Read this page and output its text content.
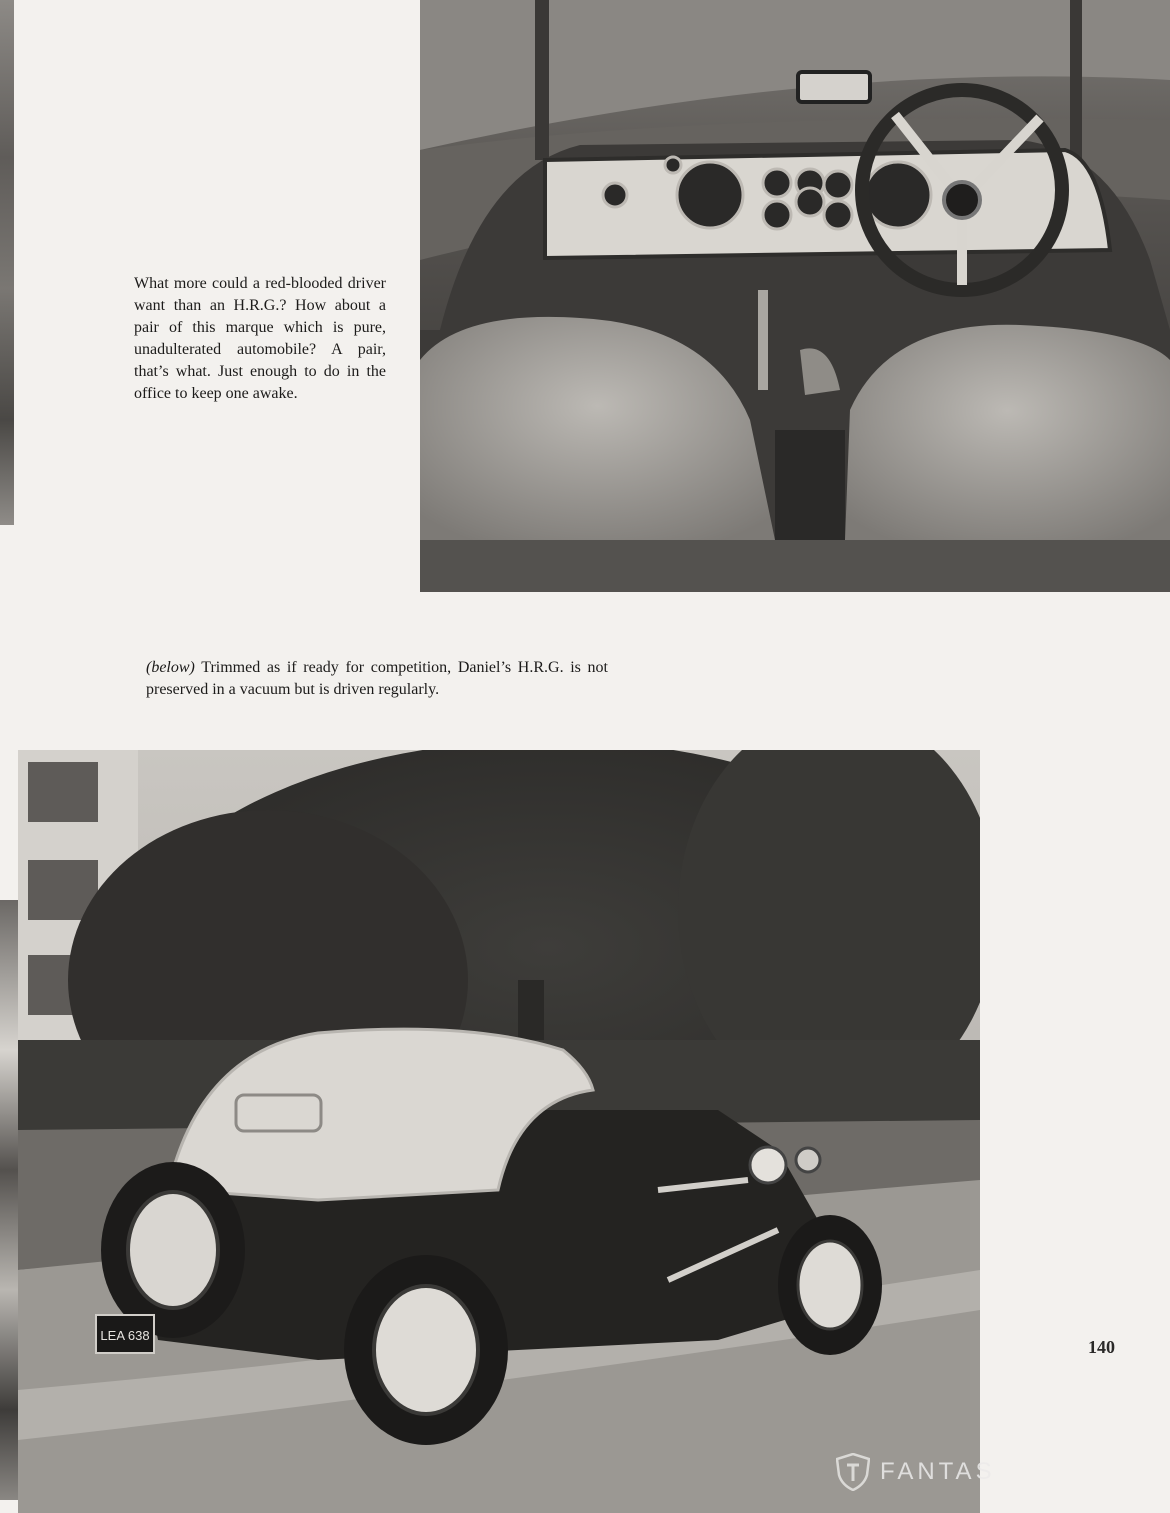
What more could a red-blooded driver want than an H.R.G.? How about a pair of this marque which is pure, unadulterated automobile? A pair, that’s what. Just enough to do in the office to keep one awake.
(below) Trimmed as if ready for competition, Daniel’s H.R.G. is not preserved in a vacuum but is driven regularly.
LEA 638
140
FANTAS
